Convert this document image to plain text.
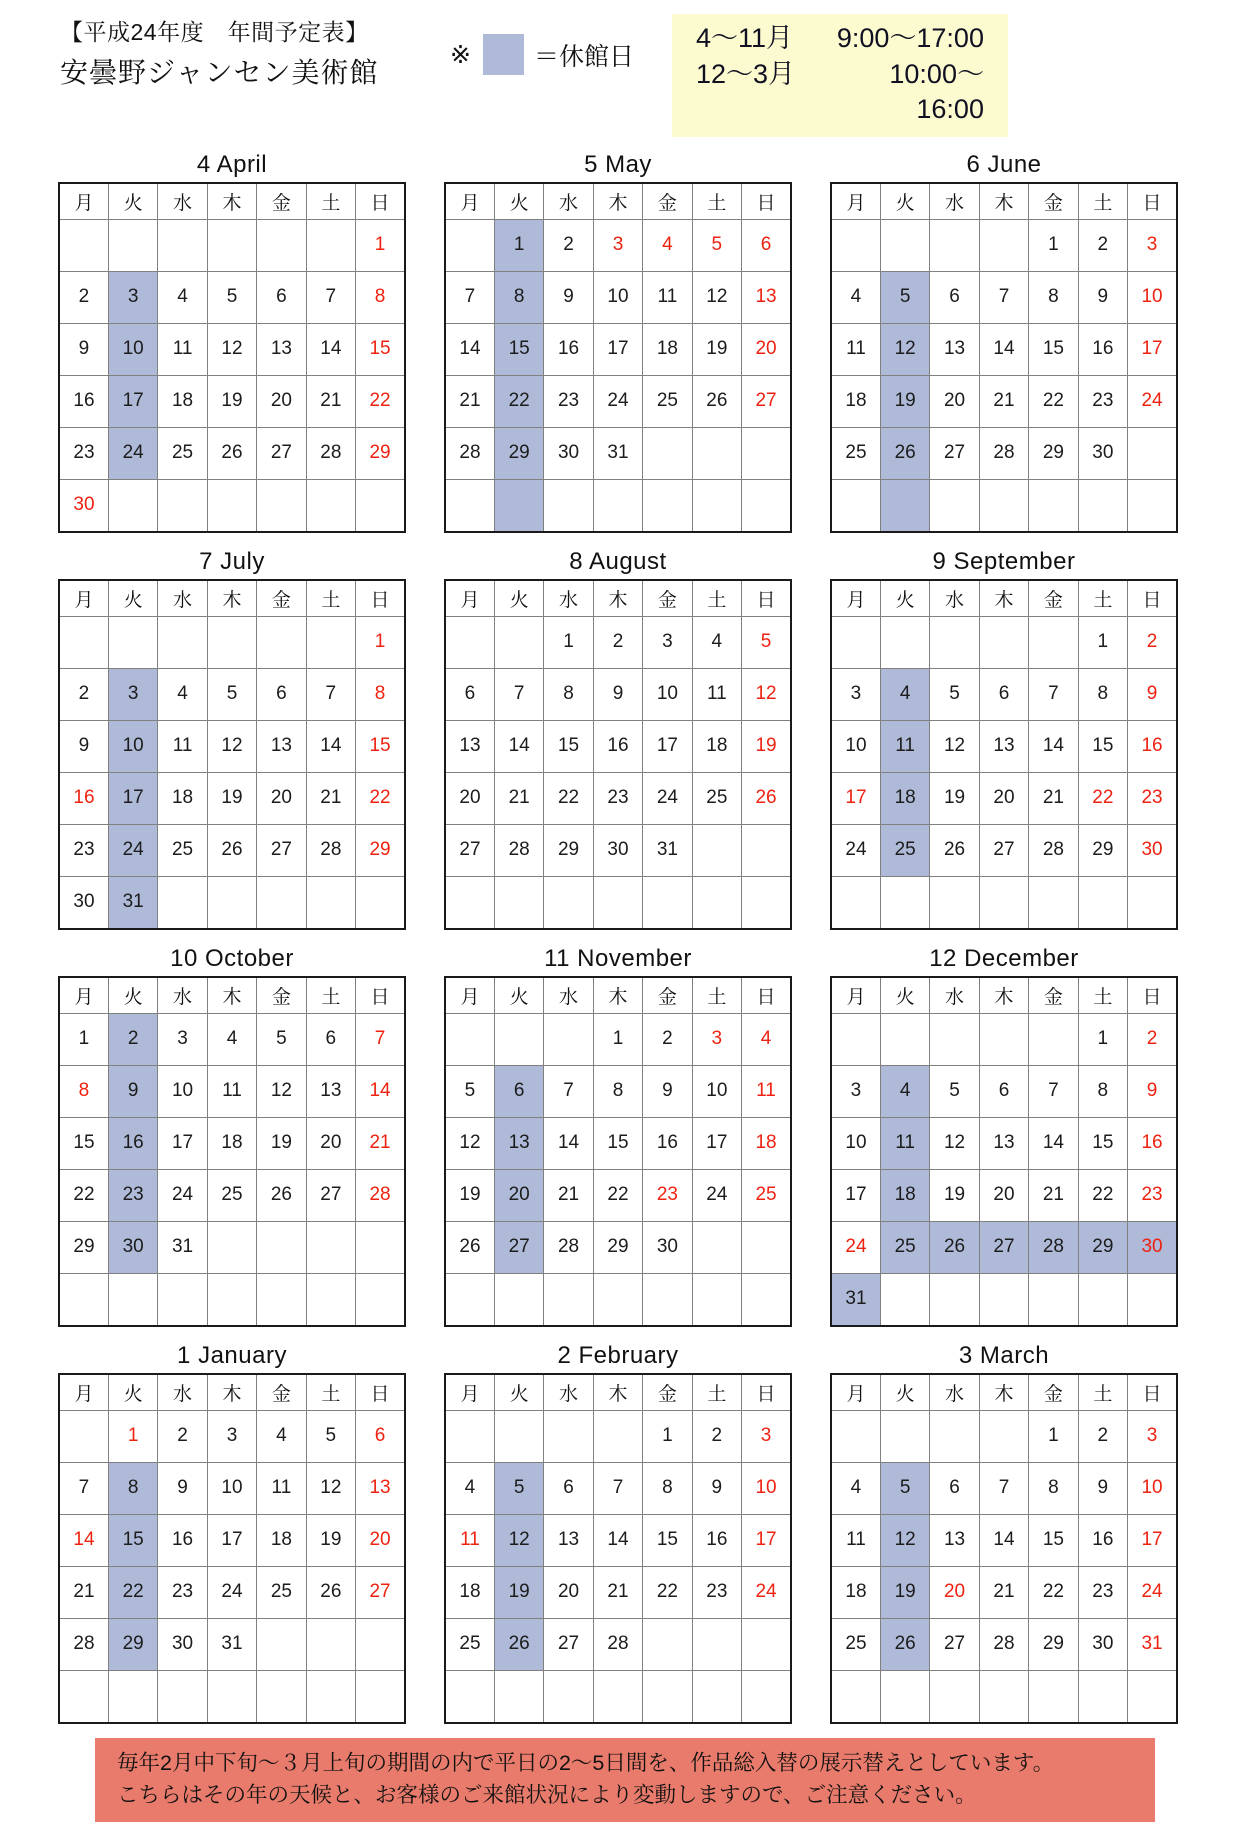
【平成24年度　年間予定表】
安曇野ジャンセン美術館
※	＝休館日
4～11月	9:00～17:00
12～3月	10:00～16:00
4 April
月	火	水	木	金	土	日
						1
2	3	4	5	6	7	8
9	10	11	12	13	14	15
16	17	18	19	20	21	22
23	24	25	26	27	28	29
30						
5 May
月	火	水	木	金	土	日
	1	2	3	4	5	6
7	8	9	10	11	12	13
14	15	16	17	18	19	20
21	22	23	24	25	26	27
28	29	30	31			

6 June
月	火	水	木	金	土	日
				1	2	3
4	5	6	7	8	9	10
11	12	13	14	15	16	17
18	19	20	21	22	23	24
25	26	27	28	29	30	

7 July
月	火	水	木	金	土	日
						1
2	3	4	5	6	7	8
9	10	11	12	13	14	15
16	17	18	19	20	21	22
23	24	25	26	27	28	29
30	31					
8 August
月	火	水	木	金	土	日
		1	2	3	4	5
6	7	8	9	10	11	12
13	14	15	16	17	18	19
20	21	22	23	24	25	26
27	28	29	30	31		

9 September
月	火	水	木	金	土	日
					1	2
3	4	5	6	7	8	9
10	11	12	13	14	15	16
17	18	19	20	21	22	23
24	25	26	27	28	29	30

10 October
月	火	水	木	金	土	日
1	2	3	4	5	6	7
8	9	10	11	12	13	14
15	16	17	18	19	20	21
22	23	24	25	26	27	28
29	30	31				

11 November
月	火	水	木	金	土	日
			1	2	3	4
5	6	7	8	9	10	11
12	13	14	15	16	17	18
19	20	21	22	23	24	25
26	27	28	29	30		

12 December
月	火	水	木	金	土	日
					1	2
3	4	5	6	7	8	9
10	11	12	13	14	15	16
17	18	19	20	21	22	23
24	25	26	27	28	29	30
31						
1 January
月	火	水	木	金	土	日
	1	2	3	4	5	6
7	8	9	10	11	12	13
14	15	16	17	18	19	20
21	22	23	24	25	26	27
28	29	30	31			

2 February
月	火	水	木	金	土	日
				1	2	3
4	5	6	7	8	9	10
11	12	13	14	15	16	17
18	19	20	21	22	23	24
25	26	27	28			

3 March
月	火	水	木	金	土	日
				1	2	3
4	5	6	7	8	9	10
11	12	13	14	15	16	17
18	19	20	21	22	23	24
25	26	27	28	29	30	31

毎年2月中下旬～３月上旬の期間の内で平日の2～5日間を、作品総入替の展示替えとしています。
こちらはその年の天候と、お客様のご来館状況により変動しますので、ご注意ください。
